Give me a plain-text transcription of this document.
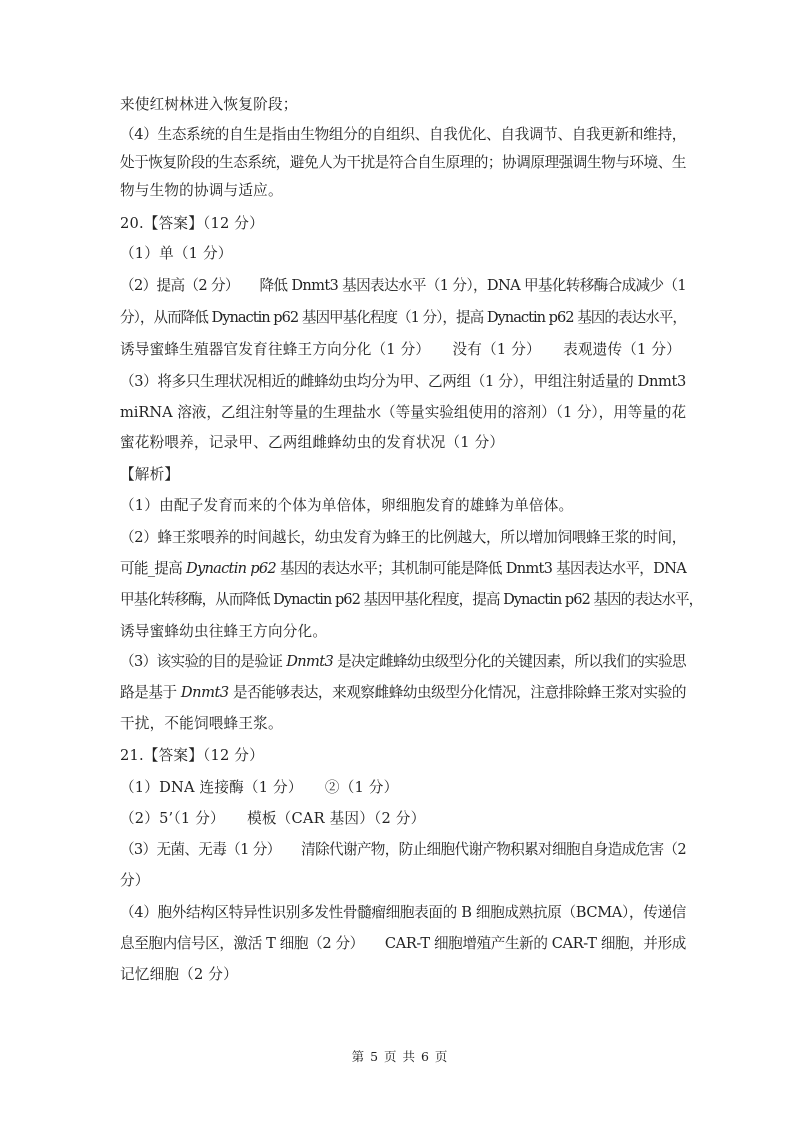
来使红树林进入恢复阶段；
（4）生态系统的自生是指由生物组分的自组织、自我优化、自我调节、自我更新和维持，
处于恢复阶段的生态系统，避免人为干扰是符合自生原理的；协调原理强调生物与环境、生
物与生物的协调与适应。
20.【答案】（12 分）
（1）单（1 分）
（2）提高（2 分）　　降低 Dnmt3 基因表达水平（1 分），DNA 甲基化转移酶合成减少（1
分），从而降低 Dynactin p62 基因甲基化程度（1 分），提高 Dynactin p62 基因的表达水平，
诱导蜜蜂生殖器官发育往蜂王方向分化（1 分）　　没有（1 分）　　表观遗传（1 分）
（3）将多只生理状况相近的雌蜂幼虫均分为甲、乙两组（1 分），甲组注射适量的 Dnmt3
miRNA 溶液，乙组注射等量的生理盐水（等量实验组使用的溶剂）（1 分），用等量的花
蜜花粉喂养，记录甲、乙两组雌蜂幼虫的发育状况（1 分）
【解析】
（1）由配子发育而来的个体为单倍体，卵细胞发育的雄蜂为单倍体。
（2）蜂王浆喂养的时间越长，幼虫发育为蜂王的比例越大，所以增加饲喂蜂王浆的时间，
可能_提高 Dynactin p62 基因的表达水平；其机制可能是降低 Dnmt3 基因表达水平，DNA
甲基化转移酶，从而降低 Dynactin p62 基因甲基化程度，提高 Dynactin p62 基因的表达水平，
诱导蜜蜂幼虫往蜂王方向分化。
（3）该实验的目的是验证 Dnmt3 是决定雌蜂幼虫级型分化的关键因素，所以我们的实验思
路是基于 Dnmt3 是否能够表达，来观察雌蜂幼虫级型分化情况，注意排除蜂王浆对实验的
干扰，不能饲喂蜂王浆。
21.【答案】（12 分）
（1）DNA 连接酶（1 分）　　②（1 分）
（2）5’（1 分）　　模板（CAR 基因）（2 分）
（3）无菌、无毒（1 分）　　清除代谢产物，防止细胞代谢产物积累对细胞自身造成危害（2
分）
（4）胞外结构区特异性识别多发性骨髓瘤细胞表面的 B 细胞成熟抗原（BCMA），传递信
息至胞内信号区，激活 T 细胞（2 分）　　CAR-T 细胞增殖产生新的 CAR-T 细胞，并形成
记忆细胞（2 分）
第 5 页 共 6 页
